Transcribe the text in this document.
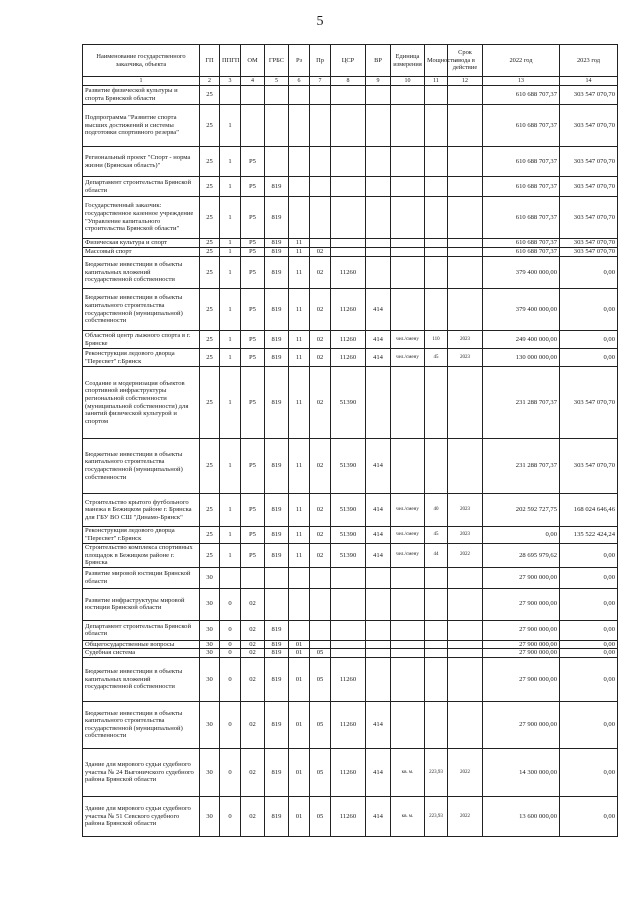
5
Наименование государственного заказчика, объекта	ГП	ППГП	ОМ	ГРБС	Рз	Пр	ЦСР	ВР	Единица измерения	Мощность	Срок ввода в действие	2022 год	2023 год
1	2	3	4	5	6	7	8	9	10	11	12	13	14
Развитие физической культуры и спорта Брянской области	25											610 688 707,37	303 547 070,70
Подпрограмма "Развитие спорта высших достижений и системы подготовки спортивного резерва"	25	1										610 688 707,37	303 547 070,70
Региональный проект "Спорт - норма жизни (Брянская область)"	25	1	P5									610 688 707,37	303 547 070,70
Департамент строительства Брянской области	25	1	P5	819								610 688 707,37	303 547 070,70
Государственный заказчик: государственное казенное учреждение "Управление капитального строительства Брянской области"	25	1	P5	819								610 688 707,37	303 547 070,70
Физическая культура и спорт	25	1	P5	819	11							610 688 707,37	303 547 070,70
Массовый спорт	25	1	P5	819	11	02						610 688 707,37	303 547 070,70
Бюджетные инвестиции в объекты капитальных вложений государственной собственности	25	1	P5	819	11	02	11260					379 400 000,00	0,00
Бюджетные инвестиции в объекты капитального строительства государственной (муниципальной) собственности	25	1	P5	819	11	02	11260	414				379 400 000,00	0,00
Областной центр лыжного спорта в г. Брянске	25	1	P5	819	11	02	11260	414	чел./смену	110	2023	249 400 000,00	0,00
Реконструкция ледового дворца "Пересвет" г.Брянск	25	1	P5	819	11	02	11260	414	чел./смену	45	2023	130 000 000,00	0,00
Создание и модернизация объектов спортивной инфраструктуры региональной собственности (муниципальной собственности) для занятий физической культурой и спортом	25	1	P5	819	11	02	51390					231 288 707,37	303 547 070,70
Бюджетные инвестиции в объекты капитального строительства государственной (муниципальной) собственности	25	1	P5	819	11	02	51390	414				231 288 707,37	303 547 070,70
Строительство крытого футбольного манежа в Бежицком районе г. Брянска для ГБУ ВО СШ "Динамо-Брянск"	25	1	P5	819	11	02	51390	414	чел./смену	40	2023	202 592 727,75	168 024 646,46
Реконструкция ледового дворца "Пересвет" г.Брянск	25	1	P5	819	11	02	51390	414	чел./смену	45	2023	0,00	135 522 424,24
Строительство комплекса спортивных площадок в Бежицком районе г. Брянска	25	1	P5	819	11	02	51390	414	чел./смену	44	2022	28 695 979,62	0,00
Развитие мировой юстиции Брянской области	30											27 900 000,00	0,00
Развитие инфраструктуры мировой юстиции Брянской области	30	0	02									27 900 000,00	0,00
Департамент строительства Брянской области	30	0	02	819								27 900 000,00	0,00
Общегосударственные вопросы	30	0	02	819	01							27 900 000,00	0,00
Судебная система	30	0	02	819	01	05						27 900 000,00	0,00
Бюджетные инвестиции в объекты капитальных вложений государственной собственности	30	0	02	819	01	05	11260					27 900 000,00	0,00
Бюджетные инвестиции в объекты капитального строительства государственной (муниципальной) собственности	30	0	02	819	01	05	11260	414				27 900 000,00	0,00
Здание для мирового судьи судебного участка № 24 Выгоничского судебного района Брянской области	30	0	02	819	01	05	11260	414	кв. м.	223,93	2022	14 300 000,00	0,00
Здание для мирового судьи судебного участка № 51 Севского судебного района Брянской области	30	0	02	819	01	05	11260	414	кв. м.	223,93	2022	13 600 000,00	0,00
